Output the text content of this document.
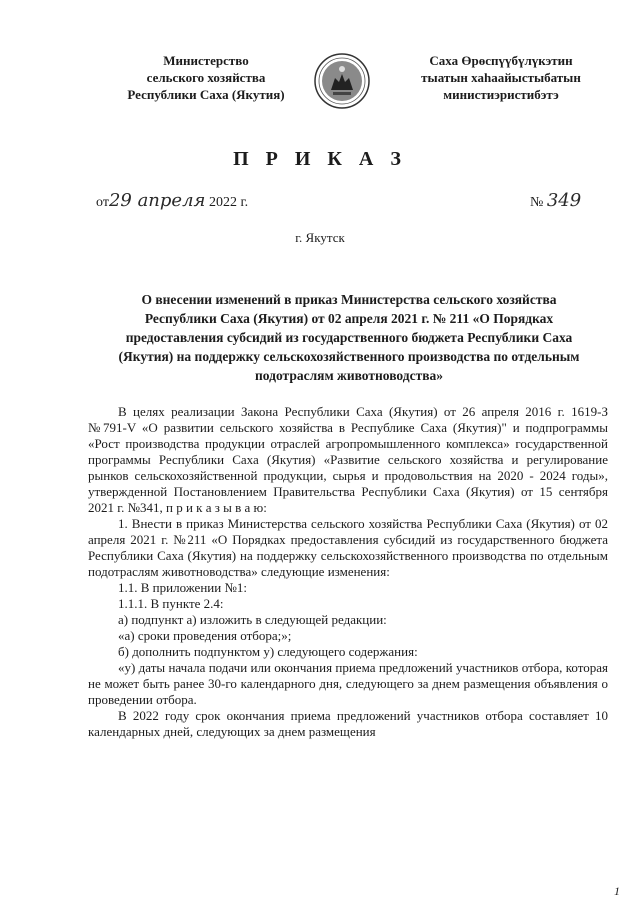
Министерство
сельского хозяйства
Республики Саха (Якутия)
Саха Өрөспүүбүлүкэтин
тыатын хаһаайыстыбатын
министиэристибэтэ
П Р И К А З
от29 апреля 2022 г.	№ 349
г. Якутск
О внесении изменений в приказ Министерства сельского хозяйства Республики Саха (Якутия) от 02 апреля 2021 г. № 211 «О Порядках предоставления субсидий из государственного бюджета Республики Саха (Якутия) на поддержку сельскохозяйственного производства по отдельным подотраслям животноводства»

В целях реализации Закона Республики Саха (Якутия) от 26 апреля 2016 г. 1619-З №791-V «О развитии сельского хозяйства в Республике Саха (Якутия)" и подпрограммы «Рост производства продукции отраслей агропромышленного комплекса» государственной программы Республики Саха (Якутия) «Развитие сельского хозяйства и регулирование рынков сельскохозяйственной продукции, сырья и продовольствия на 2020 - 2024 годы», утвержденной Постановлением Правительства Республики Саха (Якутия) от 15 сентября 2021 г. №341, п р и к а з ы в а ю:

1. Внести в приказ Министерства сельского хозяйства Республики Саха (Якутия) от 02 апреля 2021 г. №211 «О Порядках предоставления субсидий из государственного бюджета Республики Саха (Якутия) на поддержку сельскохозяйственного производства по отдельным подотраслям животноводства» следующие изменения:

1.1. В приложении №1:

1.1.1. В пункте 2.4:

а) подпункт а) изложить в следующей редакции:

«а) сроки проведения отбора;»;

б) дополнить подпунктом у) следующего содержания:

«у) даты начала подачи или окончания приема предложений участников отбора, которая не может быть ранее 30-го календарного дня, следующего за днем размещения объявления о проведении отбора.

В 2022 году срок окончания приема предложений участников отбора составляет 10 календарных дней, следующих за днем размещения

1
